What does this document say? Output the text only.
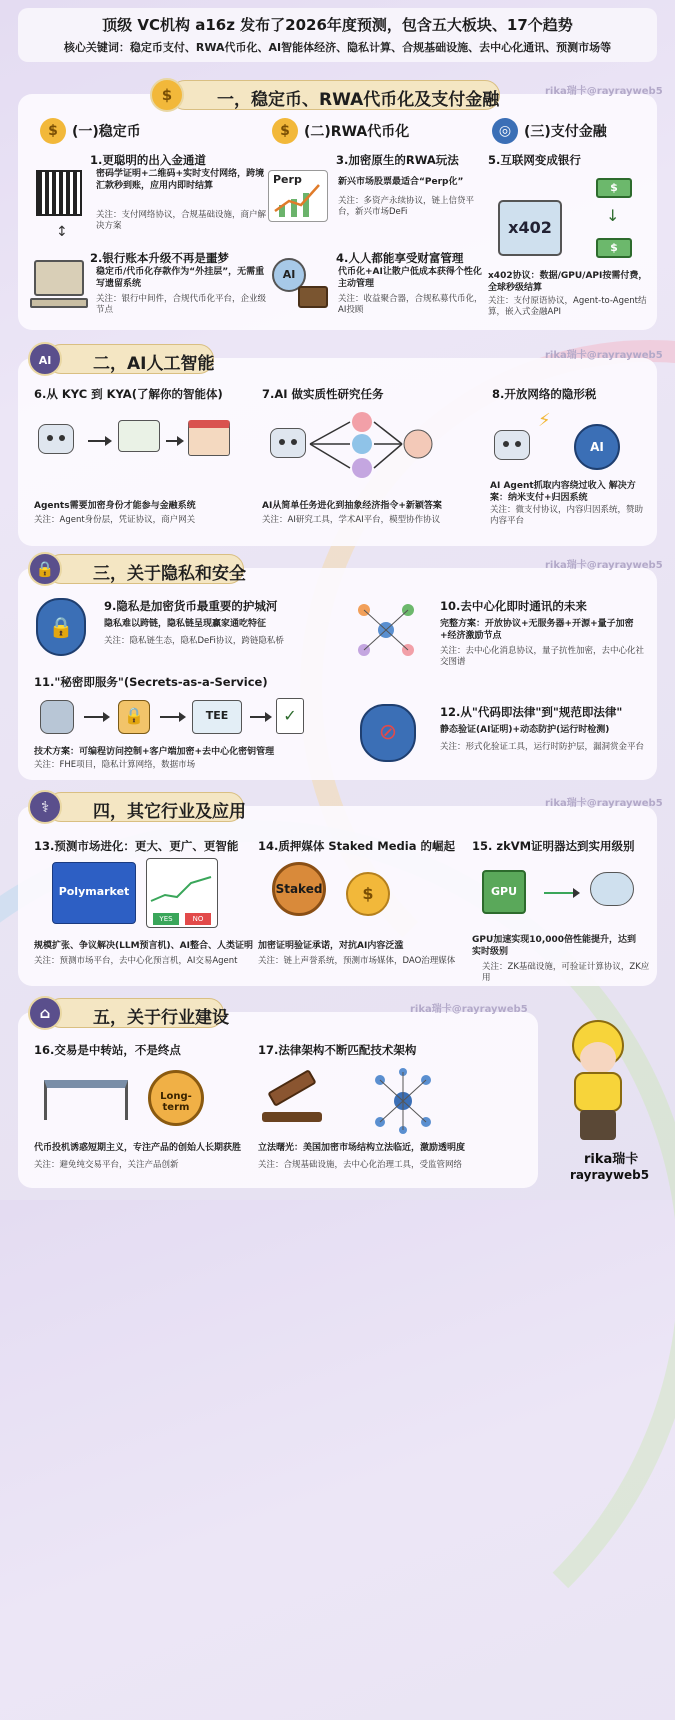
顶级 VC机构 a16z 发布了2026年度预测，包含五大板块、17个趋势
核心关键词：稳定币支付、RWA代币化、AI智能体经济、隐私计算、合规基础设施、去中心化通讯、预测市场等
一，稳定币、RWA代币化及支付金融
$	rika瑞卡@rayrayweb5
$	(一)稳定币	$	(二)RWA代币化	◎ (三)支付金融
↕
1.更聪明的出入金通道
密码学证明+二维码+实时支付网络，跨境汇款秒到账，应用内即时结算
关注：支付网络协议，合规基础设施，商户解决方案
2.银行账本升级不再是噩梦
稳定币/代币化存款作为“外挂层”，无需重写遗留系统
关注：银行中间件，合规代币化平台，企业级节点
Perp
3.加密原生的RWA玩法
新兴市场股票最适合“Perp化”
关注：多资产永续协议，链上信贷平台，新兴市场DeFi
AI
4.人人都能享受财富管理
代币化+AI让散户低成本获得个性化主动管理
关注：收益聚合器，合规私募代币化，AI投顾
5.互联网变成银行
x402
$
$
↓
x402协议：数据/GPU/API按需付费，全球秒级结算
关注：支付原语协议，Agent-to-Agent结算，嵌入式金融API
二，AI人工智能
AI	rika瑞卡@rayrayweb5
6.从 KYC 到 KYA(了解你的智能体)
Agents需要加密身份才能参与金融系统
关注：Agent身份层，凭证协议，商户网关
7.AI 做实质性研究任务
AI从简单任务进化到抽象经济指令+新颖答案
关注：AI研究工具，学术AI平台，模型协作协议
8.开放网络的隐形税
⚡
AI
AI Agent抓取内容绕过收入 解决方案：纳米支付+归因系统
关注：微支付协议，内容归因系统，赞助内容平台
三，关于隐私和安全
🔒	rika瑞卡@rayrayweb5
🔒
9.隐私是加密货币最重要的护城河
隐私难以跨链，隐私链呈现赢家通吃特征
关注：隐私链生态，隐私DeFi协议，跨链隐私桥
10.去中心化即时通讯的未来
完整方案：开放协议+无服务器+开源+量子加密+经济激励节点
关注：去中心化消息协议，量子抗性加密，去中心化社交图谱
11."秘密即服务"(Secrets-as-a-Service)
🔒	TEE	✓
技术方案：可编程访问控制+客户端加密+去中心化密钥管理
关注：FHE项目，隐私计算网络，数据市场
⊘
12.从"代码即法律"到"规范即法律"
静态验证(AI证明)+动态防护(运行时检测)
关注：形式化验证工具，运行时防护层，漏洞赏金平台
四，其它行业及应用
⚕	rika瑞卡@rayrayweb5
13.预测市场进化：更大、更广、更智能
Polymarket
YES	NO
规模扩张、争议解决(LLM预言机)、AI整合、人类证明
关注：预测市场平台，去中心化预言机，AI交易Agent
14.质押媒体 Staked Media 的崛起
Staked	$
加密证明验证承诺，对抗AI内容泛滥
关注：链上声誉系统，预测市场媒体，DAO治理媒体
15. zkVM证明器达到实用级别
GPU
GPU加速实现10,000倍性能提升，达到实时级别
关注：ZK基础设施，可验证计算协议，ZK应用
五，关于行业建设
⌂	rika瑞卡@rayrayweb5
16.交易是中转站，不是终点
Long-term
代币投机诱惑短期主义，专注产品的创始人长期获胜
关注：避免纯交易平台，关注产品创新
17.法律架构不断匹配技术架构
立法曙光：美国加密市场结构立法临近，激励透明度
关注：合规基础设施，去中心化治理工具，受监管网络	rika瑞卡
rayrayweb5
